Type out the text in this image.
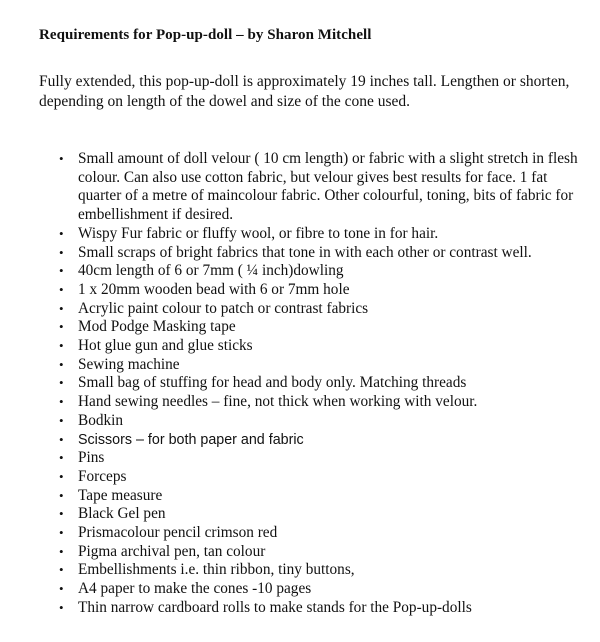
Requirements for Pop-up-doll – by Sharon Mitchell
Fully extended, this pop-up-doll is approximately 19 inches tall. Lengthen or shorten, depending on length of the dowel and size of the cone used.
• Small amount of doll velour ( 10 cm length) or fabric with a slight stretch in flesh colour. Can also use cotton fabric, but velour gives best results for face. 1 fat quarter of a metre of maincolour fabric. Other colourful, toning, bits of fabric for embellishment if desired.
• Wispy Fur fabric or fluffy wool, or fibre to tone in for hair.
• Small scraps of bright fabrics that tone in with each other or contrast well.
• 40cm length of 6 or 7mm ( ¼ inch)dowling
• 1 x 20mm wooden bead with 6 or 7mm hole
• Acrylic paint colour to patch or contrast fabrics
• Mod Podge Masking tape
• Hot glue gun and glue sticks
• Sewing machine
• Small bag of stuffing for head and body only. Matching threads
• Hand sewing needles – fine, not thick when working with velour.
• Bodkin
• Scissors – for both paper and fabric
• Pins
• Forceps
• Tape measure
• Black Gel pen
• Prismacolour pencil crimson red
• Pigma archival pen, tan colour
• Embellishments i.e. thin ribbon, tiny buttons,
• A4 paper to make the cones -10 pages
• Thin narrow cardboard rolls to make stands for the Pop-up-dolls
